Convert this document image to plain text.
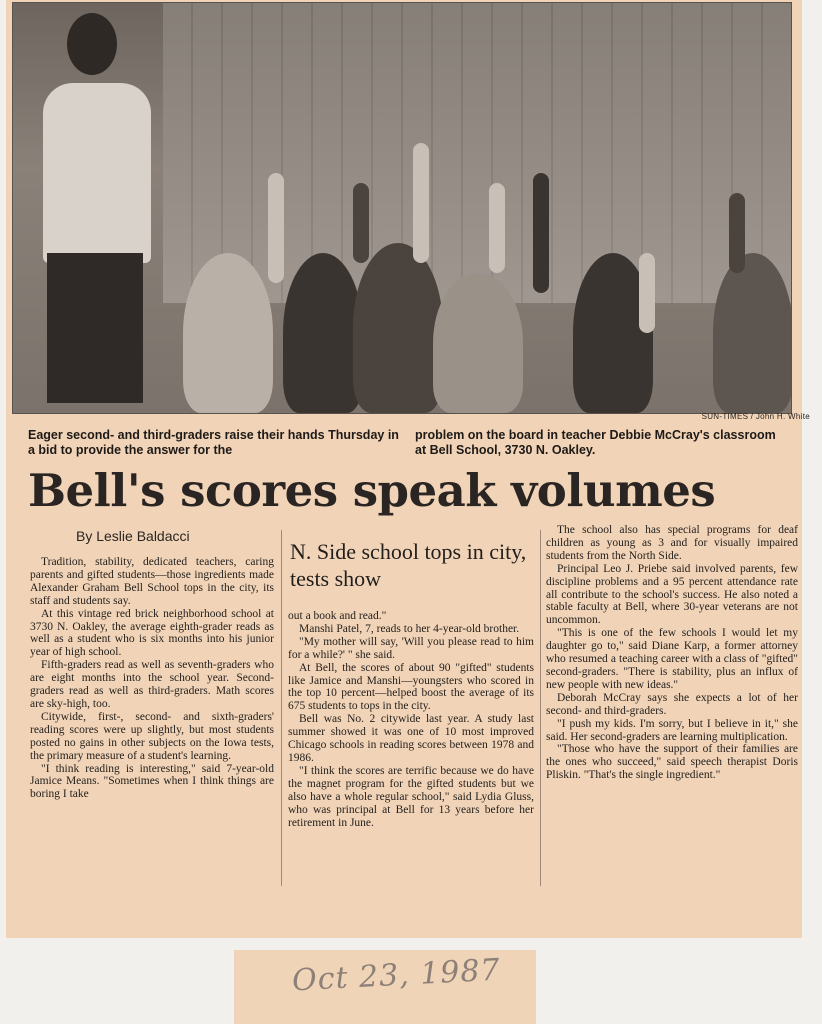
SUN-TIMES / John H. White

Eager second- and third-graders raise their hands Thursday in a bid to provide the answer for the

problem on the board in teacher Debbie McCray's classroom at Bell School, 3730 N. Oakley.

Bell's scores speak volumes
By Leslie Baldacci

Tradition, stability, dedicated teachers, caring parents and gifted students—those ingredients made Alexander Graham Bell School tops in the city, its staff and students say.

At this vintage red brick neighborhood school at 3730 N. Oakley, the average eighth-grader reads as well as a student who is six months into his junior year of high school.

Fifth-graders read as well as seventh-graders who are eight months into the school year. Second-graders read as well as third-graders. Math scores are sky-high, too.

Citywide, first-, second- and sixth-graders' reading scores were up slightly, but most students posted no gains in other subjects on the Iowa tests, the primary measure of a student's learning.

"I think reading is interesting," said 7-year-old Jamice Means. "Sometimes when I think things are boring I take

N. Side school tops in city, tests show

out a book and read."

Manshi Patel, 7, reads to her 4-year-old brother.

"My mother will say, 'Will you please read to him for a while?' " she said.

At Bell, the scores of about 90 "gifted" students like Jamice and Manshi—youngsters who scored in the top 10 percent—helped boost the average of its 675 students to tops in the city.

Bell was No. 2 citywide last year. A study last summer showed it was one of 10 most improved Chicago schools in reading scores between 1978 and 1986.

"I think the scores are terrific because we do have the magnet program for the gifted students but we also have a whole regular school," said Lydia Gluss, who was principal at Bell for 13 years before her retirement in June.

The school also has special programs for deaf children as young as 3 and for visually impaired students from the North Side.

Principal Leo J. Priebe said involved parents, few discipline problems and a 95 percent attendance rate all contribute to the school's success. He also noted a stable faculty at Bell, where 30-year veterans are not uncommon.

"This is one of the few schools I would let my daughter go to," said Diane Karp, a former attorney who resumed a teaching career with a class of "gifted" second-graders. "There is stability, plus an influx of new people with new ideas."

Deborah McCray says she expects a lot of her second- and third-graders.

"I push my kids. I'm sorry, but I believe in it," she said. Her second-graders are learning multiplication.

"Those who have the support of their families are the ones who succeed," said speech therapist Doris Pliskin. "That's the single ingredient."

Oct 23, 1987
